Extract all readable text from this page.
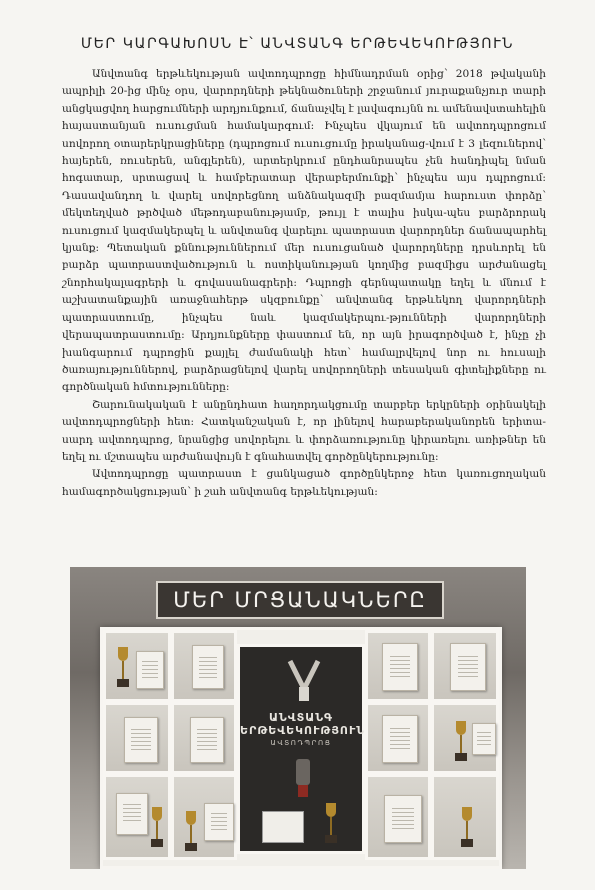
ՄԵՐ ԿԱՐԳԱԽՈՍՆ Է՝ ԱՆՎՏԱՆԳ ԵՐԹԵՎԵԿՈՒԹՅՈՒՆ

Անվտանգ երթևեկության ավտոդպրոցը հիմնադրման օրից՝ 2018 թվականի ապրիլի 20-ից մինչ օրս, վարորդների թեկնածուների շրջանում յուրաքանչյուր տարի անցկացվող հարցումների արդյունքում, ճանաչվել է լավագույնն ու ամենավստահելին հայաստանյան ուսուցման համակարգում: Ինչպես վկայում են ավտոդպրոցում սովորող օտարերկրացիները (դպրոցում ուսուցումը իրականաց-վում է 3 լեզուներով՝ հայերեն, ռուսերեն, անգլերեն), արտերկրում ընդհանրապես չեն հանդիպել նման հոգատար, սրտացավ և համբերատար վերաբերմունքի՝ ինչպես այս դպրոցում: Դասավանդող և վարել սովորեցնող անձնակազմի բազմամյա հարուստ փորձը՝ մեկտեղված թրծված մեթոդաբանությամբ, թույլ է տալիս իսկա-պես բարձրորակ ուսուցում կազմակերպել և անվտանգ վարելու պատրաստ վարորդներ ճանապարհել կյանք: Պետական քննություններում մեր ուսուցանած վարորդները դրսևորել են բարձր պատրաստվածություն և ոստիկանության կողմից բազմիցս արժանացել շնորհակալագրերի և գովասանագրերի: Դպրոցի գերնպատակը եղել և մնում է աշխատանքային առաջնահերթ սկզբունքը՝ անվտանգ երթևեկող վարորդների պատրաստումը, ինչպես նաև կազմակերպու-թյունների վարորդների վերապատրաստումը: Արդյունքները փաստում են, որ այն իրագործված է, ինչը չի խանգարում դպրոցին քայլել ժամանակի հետ՝ համալրվելով նոր ու հուսալի ծառայություններով, բարձրացնելով վարել սովորողների տեսական գիտելիքները ու գործնական հմտությունները:

Շարունակական է անընդհատ հաղորդակցումը տարբեր երկրների օրինակելի ավտոդպրոցների հետ: Հատկանշական է, որ լինելով հարաբերականորեն երիտա-սարդ ավտոդպրոց, նրանցից սովորելու և փորձառությունը կիրառելու առիթներ են եղել ու մշտապես արժանավույն է գնահատվել գործընկերությունը:

Ավտոդպրոցը պատրաստ է ցանկացած գործընկերոջ հետ կառուցողական համագործակցության՝ ի շահ անվտանգ երթևեկության:

ՄԵՐ ՄՐՑԱՆԱԿՆԵՐԸ
ԱՆՎՏԱՆԳ ԵՐԹԵՎԵԿՈՒԹՅՈՒՆ
ԱՎՏՈԴՊՐՈՑ
